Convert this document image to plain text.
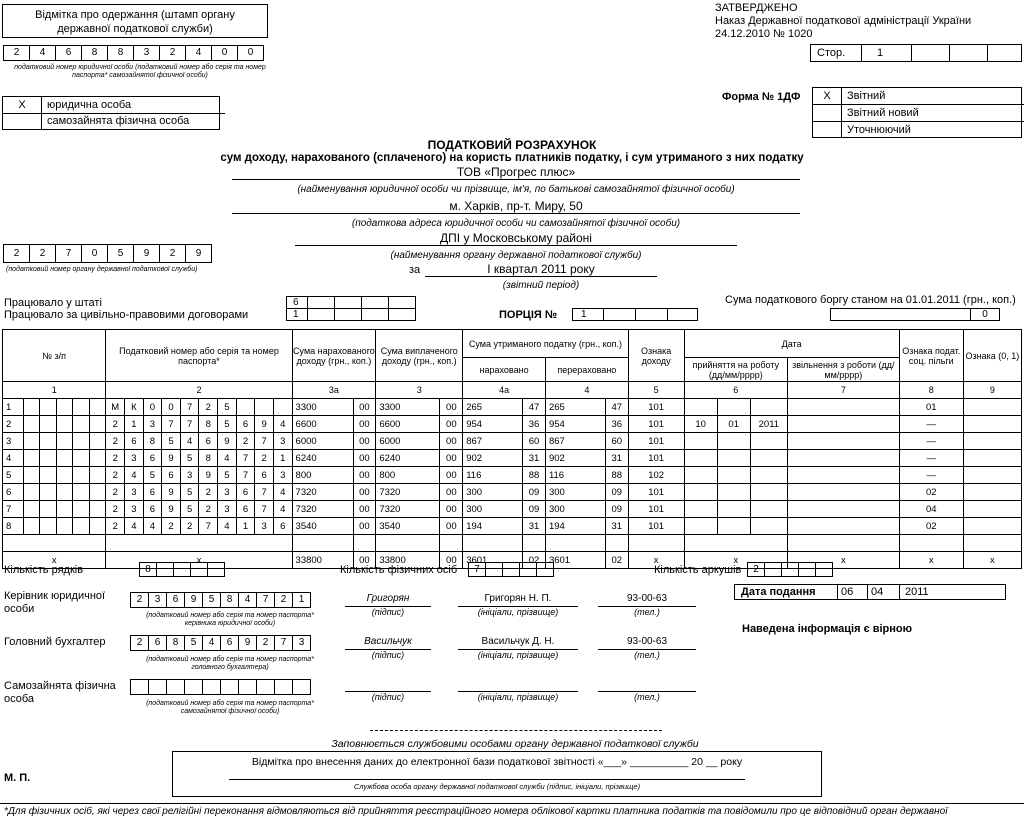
Відмітка про одержання (штамп органу державної податкової служби)
2	4	6	8	8	3	2	4	0	0
податковий номер юридичної особи (податковий номер або серія та номер паспорта* самозайнятої фізичної особи)
X	юридична особа
самозайнята фізична особа
ЗАТВЕРДЖЕНО
Наказ Державної податкової адміністрації України
24.12.2010 № 1020
Стор.	1
Форма № 1ДФ	X	Звітний
Звітний новий
Уточнюючий
ПОДАТКОВИЙ РОЗРАХУНОК
сум доходу, нарахованого (сплаченого) на користь платників податку, і сум утриманого з них податку
ТОВ «Прогрес плюс»
(найменування юридичної особи чи прізвище, ім'я, по батькові самозайнятої фізичної особи)
м. Харків, пр-т. Миру, 50
(податкова адреса юридичної особи чи самозайнятої фізичної особи)
ДПІ у Московському районі
(найменування органу державної податкової служби)
2	2	7	0	5	9	2	9
(податковий номер органу державної податкової служби)	за	І квартал 2011 року
(звітний період)
Працювало у штаті
Працювало за цивільно-правовими договорами
6
1	ПОРЦІЯ № 1
Сума податкового боргу станом на 01.01.2011 (грн., коп.)
0
№ з/п						Податковий номер або серія та номер паспорта*										Сума нарахованого доходу (грн., коп.)		Сума виплаченого доходу (грн., коп.)		Сума утриманого податку (грн., коп.)				Ознака доходу	Дата				Ознака подат. соц. пільги	Ознака (0, 1)
																				нараховано		перераховано			прийняття на роботу (дд/мм/рррр)			звільнення з роботи (дд/мм/рррр)		
1						2										3а		3		4а		4		5	6			7	8	9
1						М	К	0	0	7	2	5				3300	00	3300	00	265	47	265	47	101					01	
2						2	1	3	7	7	8	5	6	9	4	6600	00	6600	00	954	36	954	36	101	10	01	2011		—	
3						2	6	8	5	4	6	9	2	7	3	6000	00	6000	00	867	60	867	60	101					—	
4						2	3	6	9	5	8	4	7	2	1	6240	00	6240	00	902	31	902	31	101					—	
5						2	4	5	6	3	9	5	7	6	3	800	00	800	00	116	88	116	88	102					—	
6						2	3	6	9	5	2	3	6	7	4	7320	00	7320	00	300	09	300	09	101					02	
7						2	3	6	9	5	2	3	6	7	4	7320	00	7320	00	300	09	300	09	101					04	
8						2	4	4	2	2	7	4	1	3	6	3540	00	3540	00	194	31	194	31	101					02	

x						x										33800	00	33800	00	3601	02	3601	02	x	x			x	x	x
Кількість рядків	8	Кількість фізичних осіб	7	Кількість аркушів	2
Керівник юридичної особи
2	3	6	9	5	8	4	7	2	1
(податковий номер або серія та номер паспорта* керівника юридичної особи)
Григорян
(підпис)
Григорян Н. П.
(ініціали, прізвище)
93-00-63
(тел.)
Дата подання 06 04 2011
Наведена інформація є вірною
Головний бухгалтер	2	6	8	5	4	6	9	2	7	3
(податковий номер або серія та номер паспорта* головного бухгалтера)
Васильчук
(підпис)
Васильчук Д. Н.
(ініціали, прізвище)
93-00-63
(тел.)
Самозайнята фізична особа	(податковий номер або серія та номер паспорта* самозайнятої фізичної особи)
(підпис)	(ініціали, прізвище)	(тел.)
Заповнюється службовими особами органу державної податкової служби
Відмітка про внесення даних до електронної бази податкової звітності «___» __________ 20 __ року
Службова особа органу державної податкової служби (підпис, ініціали, прізвище)
М. П.
*Для фізичних осіб, які через свої релігійні переконання відмовляються від прийняття реєстраційного номера облікової картки платника податків та повідомили про це відповідний орган державної
